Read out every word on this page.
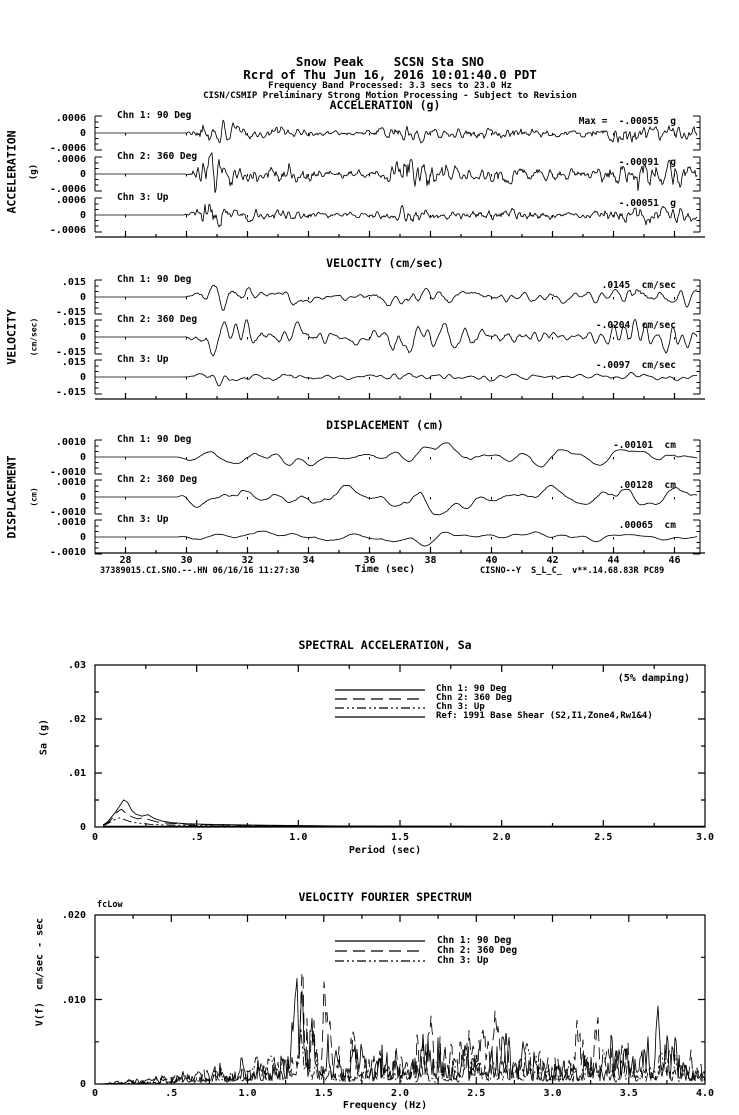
Snow Peak    SCSN Sta SNO
Rcrd of Thu Jun 16, 2016 10:01:40.0 PDT
Frequency Band Processed: 3.3 secs to 23.0 Hz
CISN/CSMIP Preliminary Strong Motion Processing - Subject to Revision
ACCELERATION (g)
VELOCITY (cm/sec)
DISPLACEMENT (cm)
SPECTRAL ACCELERATION, Sa
VELOCITY FOURIER SPECTRUM
ACCELERATION (g)
VELOCITY (cm/sec)
DISPLACEMENT (cm)
Sa (g)
V(f)  cm/sec - sec
Chn 1: 90 Deg
.0006
0
-.0006
Max =  -.00055  g
Chn 2: 360 Deg
.0006
0
-.0006
-.00091  g
Chn 3: Up
.0006
0
-.0006
-.00051  g
Chn 1: 90 Deg
.015
0
-.015
.0145  cm/sec
Chn 2: 360 Deg
.015
0
-.015
-.0204  cm/sec
Chn 3: Up
.015
0
-.015
-.0097  cm/sec
Chn 1: 90 Deg
.0010
0
-.0010
-.00101  cm
Chn 2: 360 Deg
.0010
0
-.0010
.00128  cm
Chn 3: Up
.0010
0
-.0010
.00065  cm
Time (sec)
37389015.CI.SNO.--.HN 06/16/16 11:27:30	CISNO--Y  S_L_C_  v**.14.68.83R PC89
(5% damping)
Chn 1: 90 Deg
Chn 2: 360 Deg
Chn 3: Up
Ref: 1991 Base Shear (S2,I1,Zone4,Rw1&4)
Period (sec)
fcLow
Chn 1: 90 Deg
Chn 2: 360 Deg
Chn 3: Up
Frequency (Hz)
28	30	32	34	36	38	40	42	44	46
0	.5	1.0	1.5	2.0	2.5	3.0
0
.01
.02
.03
0	.5	1.0	1.5	2.0	2.5	3.0	3.5	4.0
0
.010
.020
